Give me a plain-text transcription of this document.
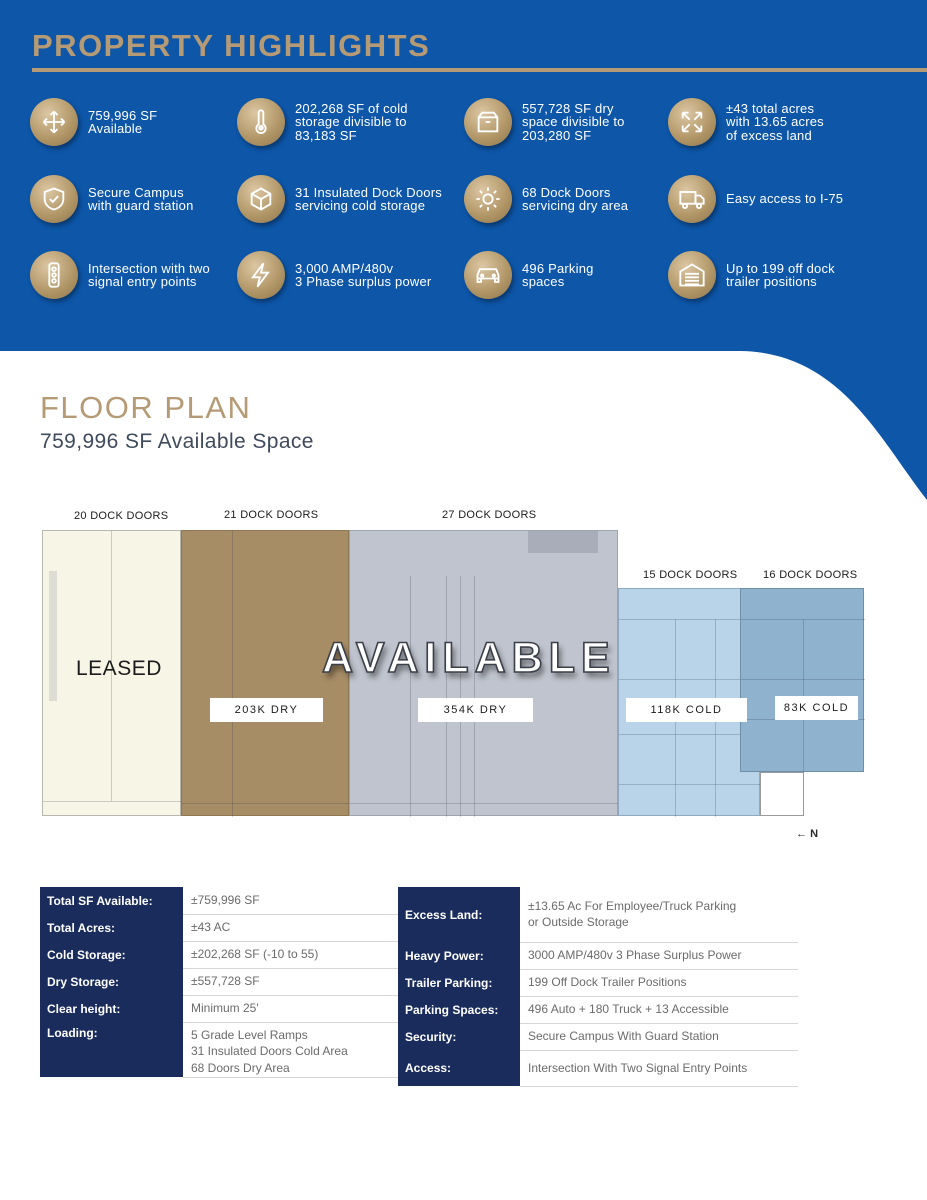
PROPERTY HIGHLIGHTS
759,996 SF
Available
202,268 SF of cold
storage divisible to
83,183 SF
557,728 SF dry
space divisible to
203,280 SF
±43 total acres
with 13.65 acres
of excess land
Secure Campus
with guard station
31 Insulated Dock Doors
servicing cold storage
68 Dock Doors
servicing dry area	Easy access to I-75
Intersection with two
signal entry points
3,000 AMP/480v
3 Phase surplus power
496 Parking
spaces
Up to 199 off dock
trailer positions
FLOOR PLAN
759,996 SF Available Space
20 DOCK DOORS	21 DOCK DOORS	27 DOCK DOORS
15 DOCK DOORS 16 DOCK DOORS
LEASED	AVAILABLE
203K DRY	354K DRY	118K COLD	83K COLD
← N
Total SF Available:	±759,996 SF
Total Acres:	±43 AC
Cold Storage:	±202,268 SF (-10 to 55)
Dry Storage:	±557,728 SF
Clear height:	Minimum 25'
Loading:	5 Grade Level Ramps
31 Insulated Doors Cold Area
68 Doors Dry Area
Excess Land:	±13.65 Ac For Employee/Truck Parking
or Outside Storage
Heavy Power:	3000 AMP/480v 3 Phase Surplus Power
Trailer Parking:	199 Off Dock Trailer Positions
Parking Spaces:	496 Auto + 180 Truck + 13 Accessible
Security:	Secure Campus With Guard Station
Access:	Intersection With Two Signal Entry Points
